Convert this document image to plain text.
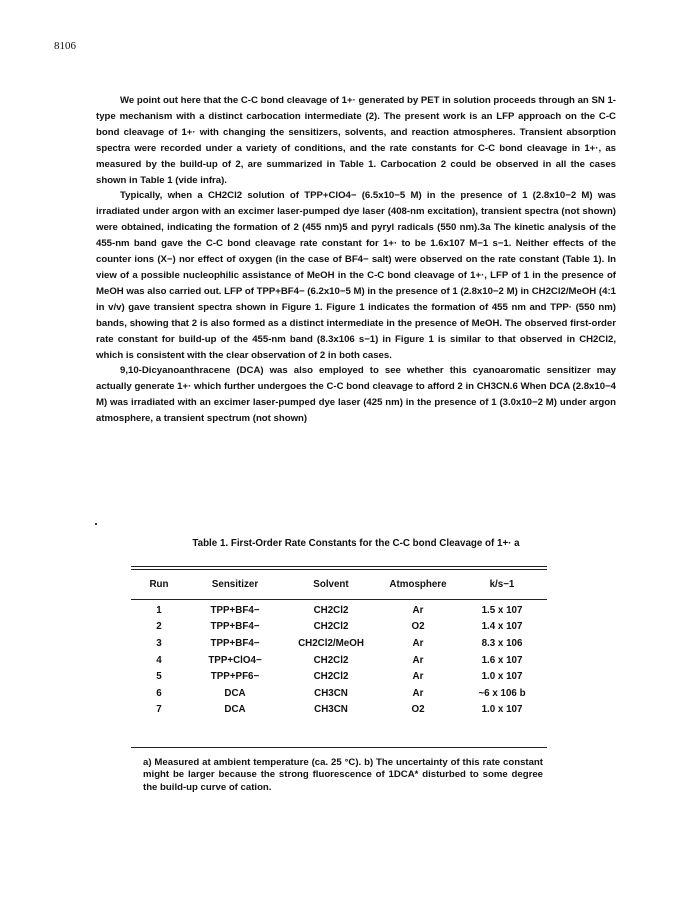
8106

We point out here that the C-C bond cleavage of 1+· generated by PET in solution proceeds through an SN 1-type mechanism with a distinct carbocation intermediate (2). The present work is an LFP approach on the C-C bond cleavage of 1+· with changing the sensitizers, solvents, and reaction atmospheres. Transient absorption spectra were recorded under a variety of conditions, and the rate constants for C-C bond cleavage in 1+·, as measured by the build-up of 2, are summarized in Table 1. Carbocation 2 could be observed in all the cases shown in Table 1 (vide infra).

Typically, when a CH2Cl2 solution of TPP+ClO4− (6.5x10−5 M) in the presence of 1 (2.8x10−2 M) was irradiated under argon with an excimer laser-pumped dye laser (408-nm excitation), transient spectra (not shown) were obtained, indicating the formation of 2 (455 nm)5 and pyryl radicals (550 nm).3a The kinetic analysis of the 455-nm band gave the C-C bond cleavage rate constant for 1+· to be 1.6x107 M−1 s−1. Neither effects of the counter ions (X−) nor effect of oxygen (in the case of BF4− salt) were observed on the rate constant (Table 1). In view of a possible nucleophilic assistance of MeOH in the C-C bond cleavage of 1+·, LFP of 1 in the presence of MeOH was also carried out. LFP of TPP+BF4− (6.2x10−5 M) in the presence of 1 (2.8x10−2 M) in CH2Cl2/MeOH (4:1 in v/v) gave transient spectra shown in Figure 1. Figure 1 indicates the formation of 455 nm and TPP· (550 nm) bands, showing that 2 is also formed as a distinct intermediate in the presence of MeOH. The observed first-order rate constant for build-up of the 455-nm band (8.3x106 s−1) in Figure 1 is similar to that observed in CH2Cl2, which is consistent with the clear observation of 2 in both cases.

9,10-Dicyanoanthracene (DCA) was also employed to see whether this cyanoaromatic sensitizer may actually generate 1+· which further undergoes the C-C bond cleavage to afford 2 in CH3CN.6 When DCA (2.8x10−4 M) was irradiated with an excimer laser-pumped dye laser (425 nm) in the presence of 1 (3.0x10−2 M) under argon atmosphere, a transient spectrum (not shown)

Table 1. First-Order Rate Constants for the C-C bond Cleavage of 1+· a
Run	Sensitizer	Solvent	Atmosphere	k/s−1

1	TPP+BF4−	CH2Cl2	Ar	1.5 x 107
2	TPP+BF4−	CH2Cl2	O2	1.4 x 107
3	TPP+BF4−	CH2Cl2/MeOH	Ar	8.3 x 106
4	TPP+ClO4−	CH2Cl2	Ar	1.6 x 107
5	TPP+PF6−	CH2Cl2	Ar	1.0 x 107
6	DCA	CH3CN	Ar	~6 x 106 b
7	DCA	CH3CN	O2	1.0 x 107
a) Measured at ambient temperature (ca. 25 °C). b) The uncertainty of this rate constant might be larger because the strong fluorescence of 1DCA* disturbed to some degree the build-up curve of cation.
